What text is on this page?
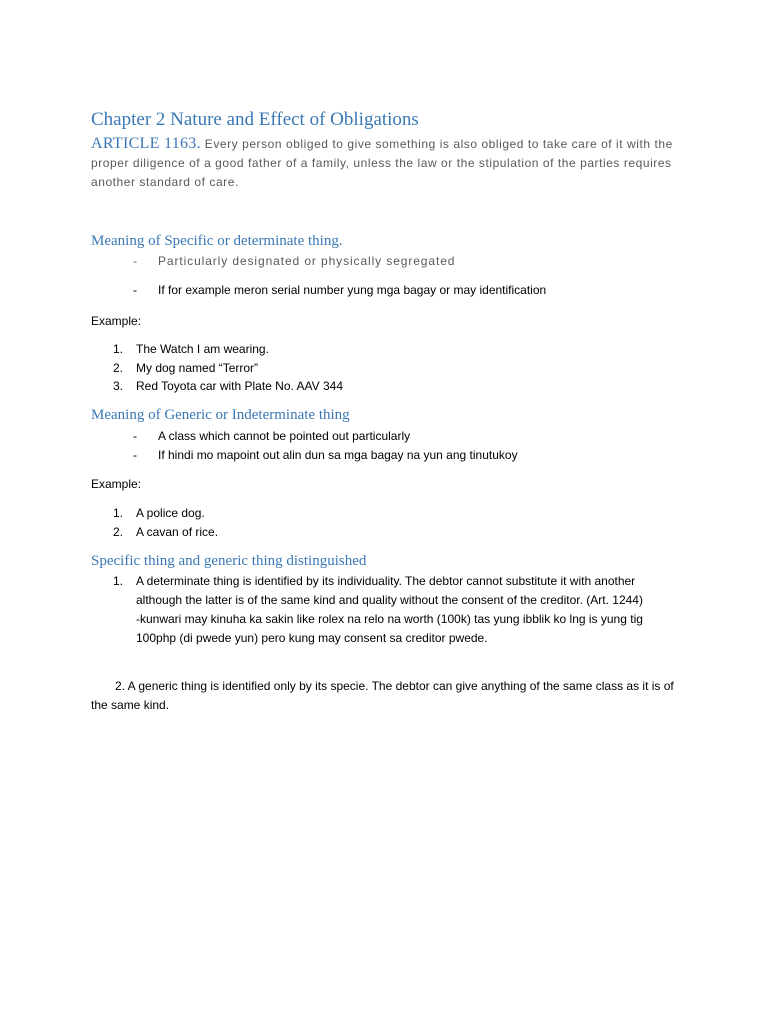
Chapter 2 Nature and Effect of Obligations
ARTICLE 1163. Every person obliged to give something is also obliged to take care of it with the proper diligence of a good father of a family, unless the law or the stipulation of the parties requires another standard of care.
Meaning of Specific or determinate thing.
- Particularly designated or physically segregated
- If for example meron serial number yung mga bagay or may identification
Example:
1. The Watch I am wearing.
2. My dog named “Terror”
3. Red Toyota car with Plate No. AAV 344
Meaning of Generic or Indeterminate thing
- A class which cannot be pointed out particularly
- If hindi mo mapoint out alin dun sa mga bagay na yun ang tinutukoy
Example:
1. A police dog.
2. A cavan of rice.
Specific thing and generic thing distinguished
1. A determinate thing is identified by its individuality. The debtor cannot substitute it with another although the latter is of the same kind and quality without the consent of the creditor. (Art. 1244)
-kunwari may kinuha ka sakin like rolex na relo na worth (100k) tas yung ibblik ko lng is yung tig 100php (di pwede yun) pero kung may consent sa creditor pwede.
2. A generic thing is identified only by its specie. The debtor can give anything of the same class as it is of the same kind.
